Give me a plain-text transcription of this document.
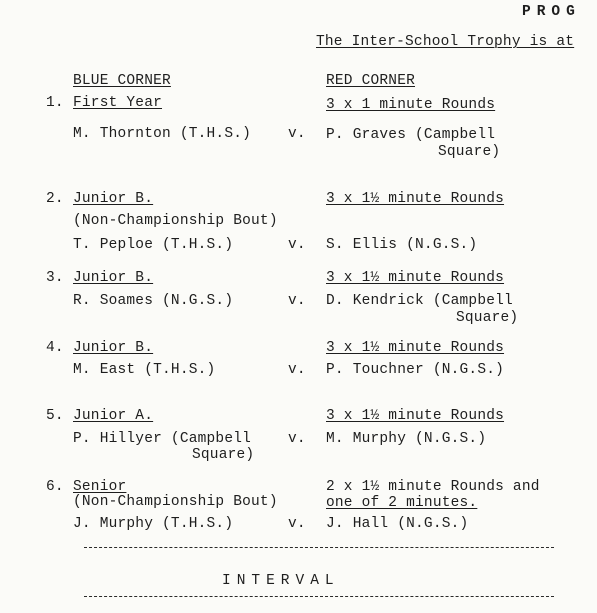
PROG
The Inter-School Trophy is at
BLUE CORNER	RED CORNER
1. First Year	3 x 1 minute Rounds
M. Thornton (T.H.S.)	v. P. Graves (Campbell
Square)
2. Junior B.	3 x 1½ minute Rounds
(Non-Championship Bout)
T. Peploe (T.H.S.)	v. S. Ellis (N.G.S.)
3. Junior B.	3 x 1½ minute Rounds
R. Soames (N.G.S.)	v. D. Kendrick (Campbell
Square)
4. Junior B.	3 x 1½ minute Rounds
M. East (T.H.S.)	v. P. Touchner (N.G.S.)
5. Junior A.	3 x 1½ minute Rounds
P. Hillyer (Campbell	v. M. Murphy (N.G.S.)
Square)
6. Senior	2 x 1½ minute Rounds and
(Non-Championship Bout)	one of 2 minutes.
J. Murphy (T.H.S.)	v. J. Hall (N.G.S.)
INTERVAL
